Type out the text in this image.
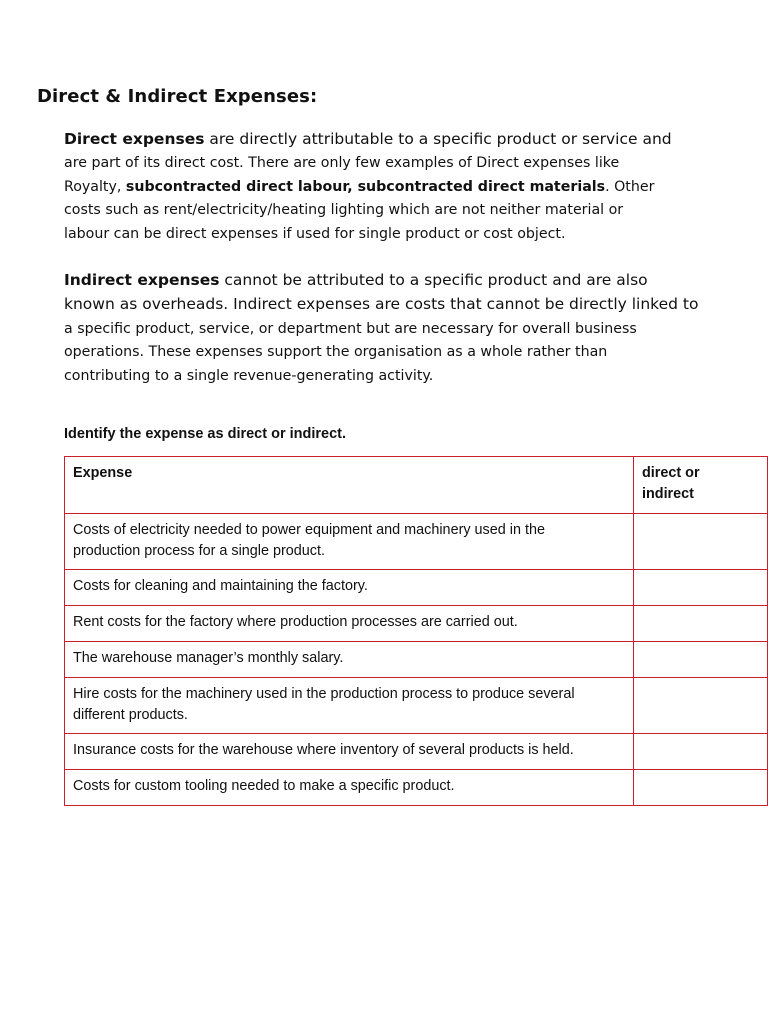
Direct & Indirect Expenses:

Direct expenses are directly attributable to a specific product or service and
are part of its direct cost. There are only few examples of Direct expenses like
Royalty, subcontracted direct labour, subcontracted direct materials. Other
costs such as rent/electricity/heating lighting which are not neither material or
labour can be direct expenses if used for single product or cost object.

Indirect expenses cannot be attributed to a specific product and are also
known as overheads. Indirect expenses are costs that cannot be directly linked to
a specific product, service, or department but are necessary for overall business
operations. These expenses support the organisation as a whole rather than
contributing to a single revenue-generating activity.

Identify the expense as direct or indirect.

Expense	direct or
indirect
Costs of electricity needed to power equipment and machinery used in the
production process for a single product.	
Costs for cleaning and maintaining the factory.	
Rent costs for the factory where production processes are carried out.	
The warehouse manager’s monthly salary.	
Hire costs for the machinery used in the production process to produce several
different products.	
Insurance costs for the warehouse where inventory of several products is held.	
Costs for custom tooling needed to make a specific product.	
